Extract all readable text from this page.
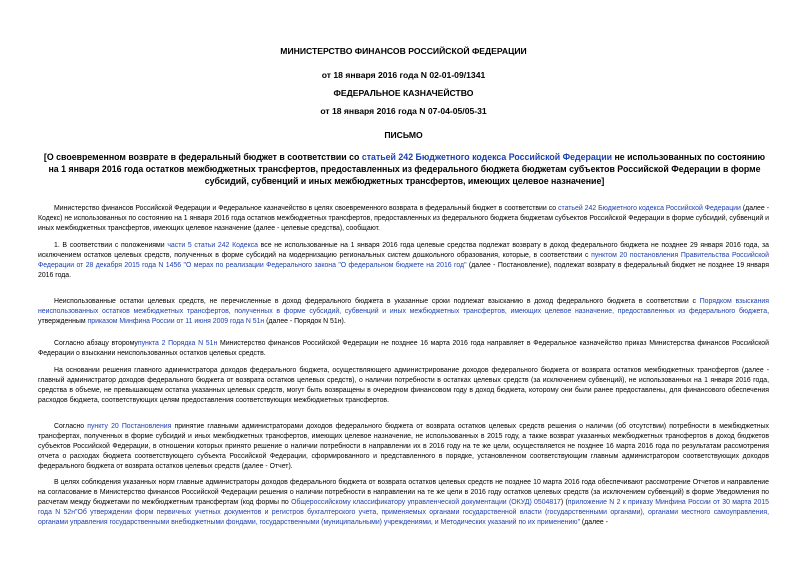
МИНИСТЕРСТВО ФИНАНСОВ РОССИЙСКОЙ ФЕДЕРАЦИИ
от 18 января 2016 года N 02-01-09/1341
ФЕДЕРАЛЬНОЕ КАЗНАЧЕЙСТВО
от 18 января 2016 года N 07-04-05/05-31
ПИСЬМО
[О своевременном возврате в федеральный бюджет в соответствии со статьей 242 Бюджетного кодекса Российской Федерации не использованных по состоянию на 1 января 2016 года остатков межбюджетных трансфертов, предоставленных из федерального бюджета бюджетам субъектов Российской Федерации в форме субсидий, субвенций и иных межбюджетных трансфертов, имеющих целевое назначение]
Министерство финансов Российской Федерации и Федеральное казначейство в целях своевременного возврата в федеральный бюджет в соответствии со статьей 242 Бюджетного кодекса Российской Федерации (далее - Кодекс) не использованных по состоянию на 1 января 2016 года остатков межбюджетных трансфертов, предоставленных из федерального бюджета бюджетам субъектов Российской Федерации в форме субсидий, субвенций и иных межбюджетных трансфертов, имеющих целевое назначение (далее - целевые средства), сообщают.
1. В соответствии с положениями части 5 статьи 242 Кодекса все не использованные на 1 января 2016 года целевые средства подлежат возврату в доход федерального бюджета не позднее 29 января 2016 года, за исключением остатков целевых средств, полученных в форме субсидий на модернизацию региональных систем дошкольного образования, которые, в соответствии с пунктом 20 постановления Правительства Российской Федерации от 28 декабря 2015 года N 1456 "О мерах по реализации Федерального закона "О федеральном бюджете на 2016 год" (далее - Постановление), подлежат возврату в федеральный бюджет не позднее 19 января 2016 года.
Неиспользованные остатки целевых средств, не перечисленные в доход федерального бюджета в указанные сроки подлежат взысканию в доход федерального бюджета в соответствии с Порядком взыскания неиспользованных остатков межбюджетных трансфертов, полученных в форме субсидий, субвенций и иных межбюджетных трансфертов, имеющих целевое назначение, предоставленных из федерального бюджета, утвержденным приказом Минфина России от 11 июня 2009 года N 51н (далее - Порядок N 51н).
Согласно абзацу второмупункта 2 Порядка N 51н Министерство финансов Российской Федерации не позднее 16 марта 2016 года направляет в Федеральное казначейство приказ Министерства финансов Российской Федерации о взыскании неиспользованных остатков целевых средств.
На основании решения главного администратора доходов федерального бюджета, осуществляющего администрирование доходов федерального бюджета от возврата остатков межбюджетных трансфертов (далее - главный администратор доходов федерального бюджета от возврата остатков целевых средств), о наличии потребности в остатках целевых средств (за исключением субвенций), не использованных на 1 января 2016 года, средства в объеме, не превышающем остатка указанных целевых средств, могут быть возвращены в очередном финансовом году в доход бюджета, которому они были ранее предоставлены, для финансового обеспечения расходов бюджета, соответствующих целям предоставления соответствующих межбюджетных трансфертов.
Согласно пункту 20 Постановления принятие главными администраторами доходов федерального бюджета от возврата остатков целевых средств решения о наличии (об отсутствии) потребности в межбюджетных трансфертах, полученных в форме субсидий и иных межбюджетных трансфертов, имеющих целевое назначение, не использованных в 2015 году, а также возврат указанных межбюджетных трансфертов в доход бюджетов субъектов Российской Федерации, в отношении которых принято решение о наличии потребности в направлении их в 2016 году на те же цели, осуществляется не позднее 16 марта 2016 года по результатам рассмотрения отчета о расходах бюджета соответствующего субъекта Российской Федерации, сформированного и представленного в порядке, установленном соответствующим главным администратором соответствующих доходов федерального бюджета от возврата остатков целевых средств (далее - Отчет).
В целях соблюдения указанных норм главные администраторы доходов федерального бюджета от возврата остатков целевых средств не позднее 10 марта 2016 года обеспечивают рассмотрение Отчетов и направление на согласование в Министерство финансов Российской Федерации решения о наличии потребности в направлении на те же цели в 2016 году остатков целевых средств (за исключением субвенций) в форме Уведомления по расчетам между бюджетами по межбюджетным трансфертам (код формы по Общероссийскому классификатору управленческой документации (ОКУД) 0504817) (приложение N 2 к приказу Минфина России от 30 марта 2015 года N 52н"Об утверждении форм первичных учетных документов и регистров бухгалтерского учета, применяемых органами государственной власти (государственными органами), органами местного самоуправления, органами управления государственными внебюджетными фондами, государственными (муниципальными) учреждениями, и Методических указаний по их применению" (далее -
